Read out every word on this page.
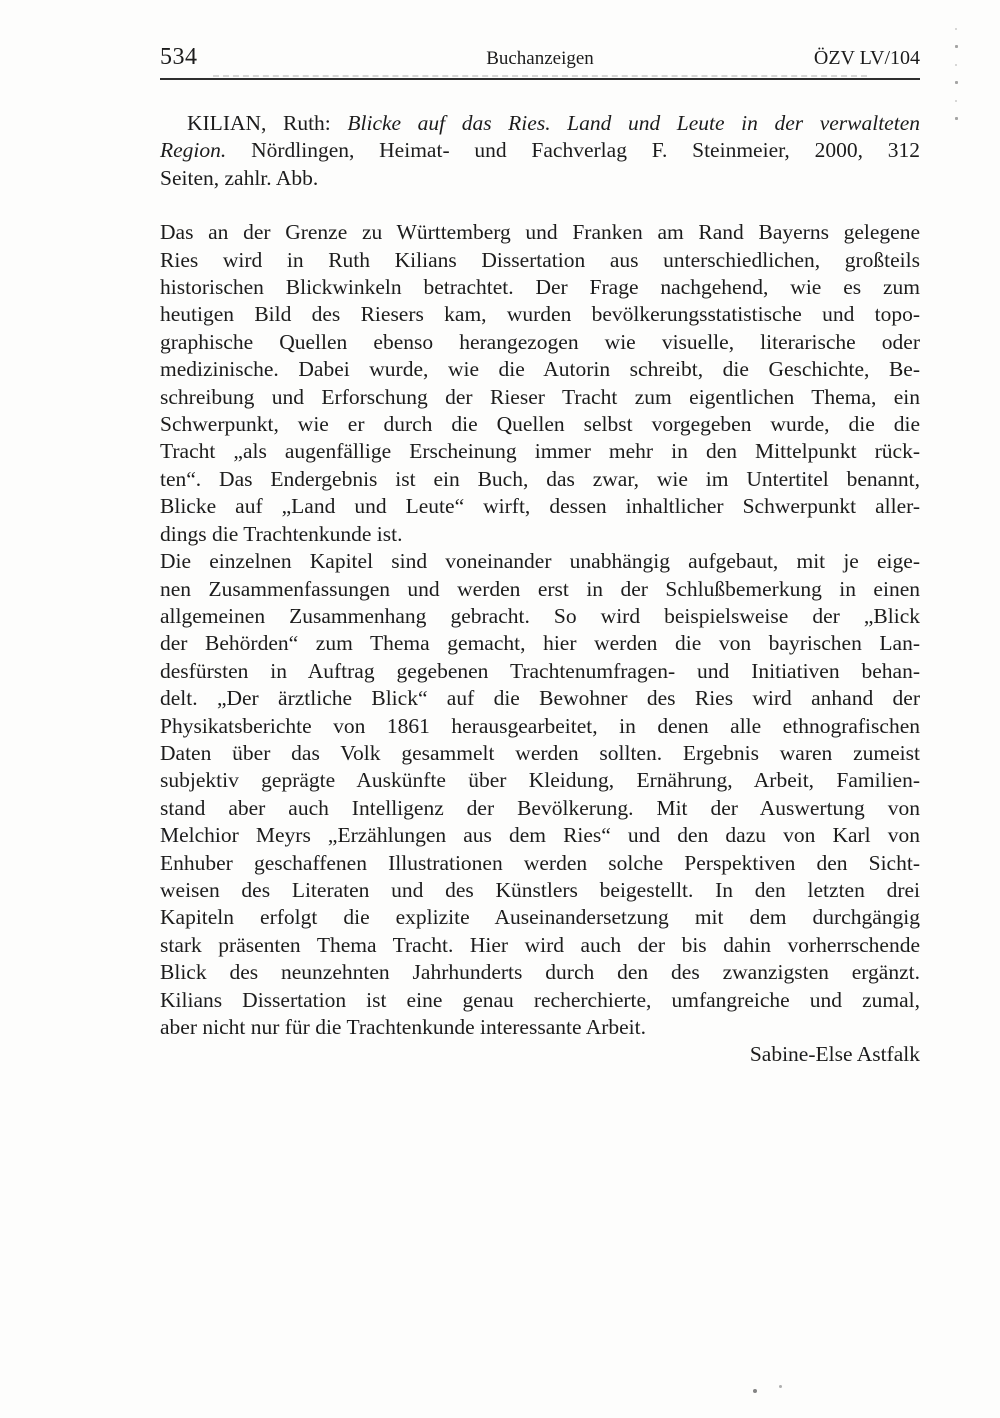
534	Buchanzeigen	ÖZV LV/104
KILIAN, Ruth: Blicke auf das Ries. Land und Leute in der verwalteten
Region. Nördlingen, Heimat- und Fachverlag F. Steinmeier, 2000, 312
Seiten, zahlr. Abb.
Das an der Grenze zu Württemberg und Franken am Rand Bayerns gelegene
Ries wird in Ruth Kilians Dissertation aus unterschiedlichen, großteils
historischen Blickwinkeln betrachtet. Der Frage nachgehend, wie es zum
heutigen Bild des Riesers kam, wurden bevölkerungsstatistische und topo-
graphische Quellen ebenso herangezogen wie visuelle, literarische oder
medizinische. Dabei wurde, wie die Autorin schreibt, die Geschichte, Be-
schreibung und Erforschung der Rieser Tracht zum eigentlichen Thema, ein
Schwerpunkt, wie er durch die Quellen selbst vorgegeben wurde, die die
Tracht „als augenfällige Erscheinung immer mehr in den Mittelpunkt rück-
ten“. Das Endergebnis ist ein Buch, das zwar, wie im Untertitel benannt,
Blicke auf „Land und Leute“ wirft, dessen inhaltlicher Schwerpunkt aller-
dings die Trachtenkunde ist.
Die einzelnen Kapitel sind voneinander unabhängig aufgebaut, mit je eige-
nen Zusammenfassungen und werden erst in der Schlußbemerkung in einen
allgemeinen Zusammenhang gebracht. So wird beispielsweise der „Blick
der Behörden“ zum Thema gemacht, hier werden die von bayrischen Lan-
desfürsten in Auftrag gegebenen Trachtenumfragen- und Initiativen behan-
delt. „Der ärztliche Blick“ auf die Bewohner des Ries wird anhand der
Physikatsberichte von 1861 herausgearbeitet, in denen alle ethnografischen
Daten über das Volk gesammelt werden sollten. Ergebnis waren zumeist
subjektiv geprägte Auskünfte über Kleidung, Ernährung, Arbeit, Familien-
stand aber auch Intelligenz der Bevölkerung. Mit der Auswertung von
Melchior Meyrs „Erzählungen aus dem Ries“ und den dazu von Karl von
Enhuber geschaffenen Illustrationen werden solche Perspektiven den Sicht-
weisen des Literaten und des Künstlers beigestellt. In den letzten drei
Kapiteln erfolgt die explizite Auseinandersetzung mit dem durchgängig
stark präsenten Thema Tracht. Hier wird auch der bis dahin vorherrschende
Blick des neunzehnten Jahrhunderts durch den des zwanzigsten ergänzt.
Kilians Dissertation ist eine genau recherchierte, umfangreiche und zumal,
aber nicht nur für die Trachtenkunde interessante Arbeit.
Sabine-Else Astfalk
